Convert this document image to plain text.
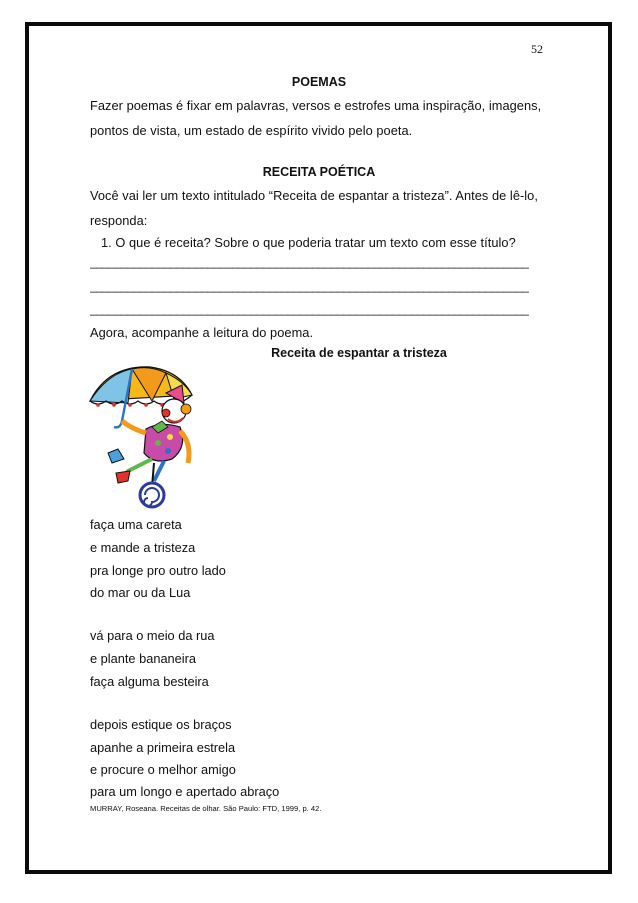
52
POEMAS
Fazer poemas é fixar em palavras, versos e estrofes uma inspiração, imagens,
pontos de vista, um estado de espírito vivido pelo poeta.
RECEITA POÉTICA
Você vai ler um texto intitulado “Receita de espantar a tristeza”. Antes de lê-lo,
responda:
1. O que é receita? Sobre o que poderia tratar um texto com esse título?
_______________________________________________________________________
_______________________________________________________________________
_______________________________________________________________________
Agora, acompanhe a leitura do poema.
Receita de espantar a tristeza
faça uma careta
e mande a tristeza
pra longe pro outro lado
do mar ou da Lua
vá para o meio da rua
e plante bananeira
faça alguma besteira
depois estique os braços
apanhe a primeira estrela
e procure o melhor amigo
para um longo e apertado abraço
MURRAY, Roseana. Receitas de olhar. São Paulo: FTD, 1999, p. 42.
